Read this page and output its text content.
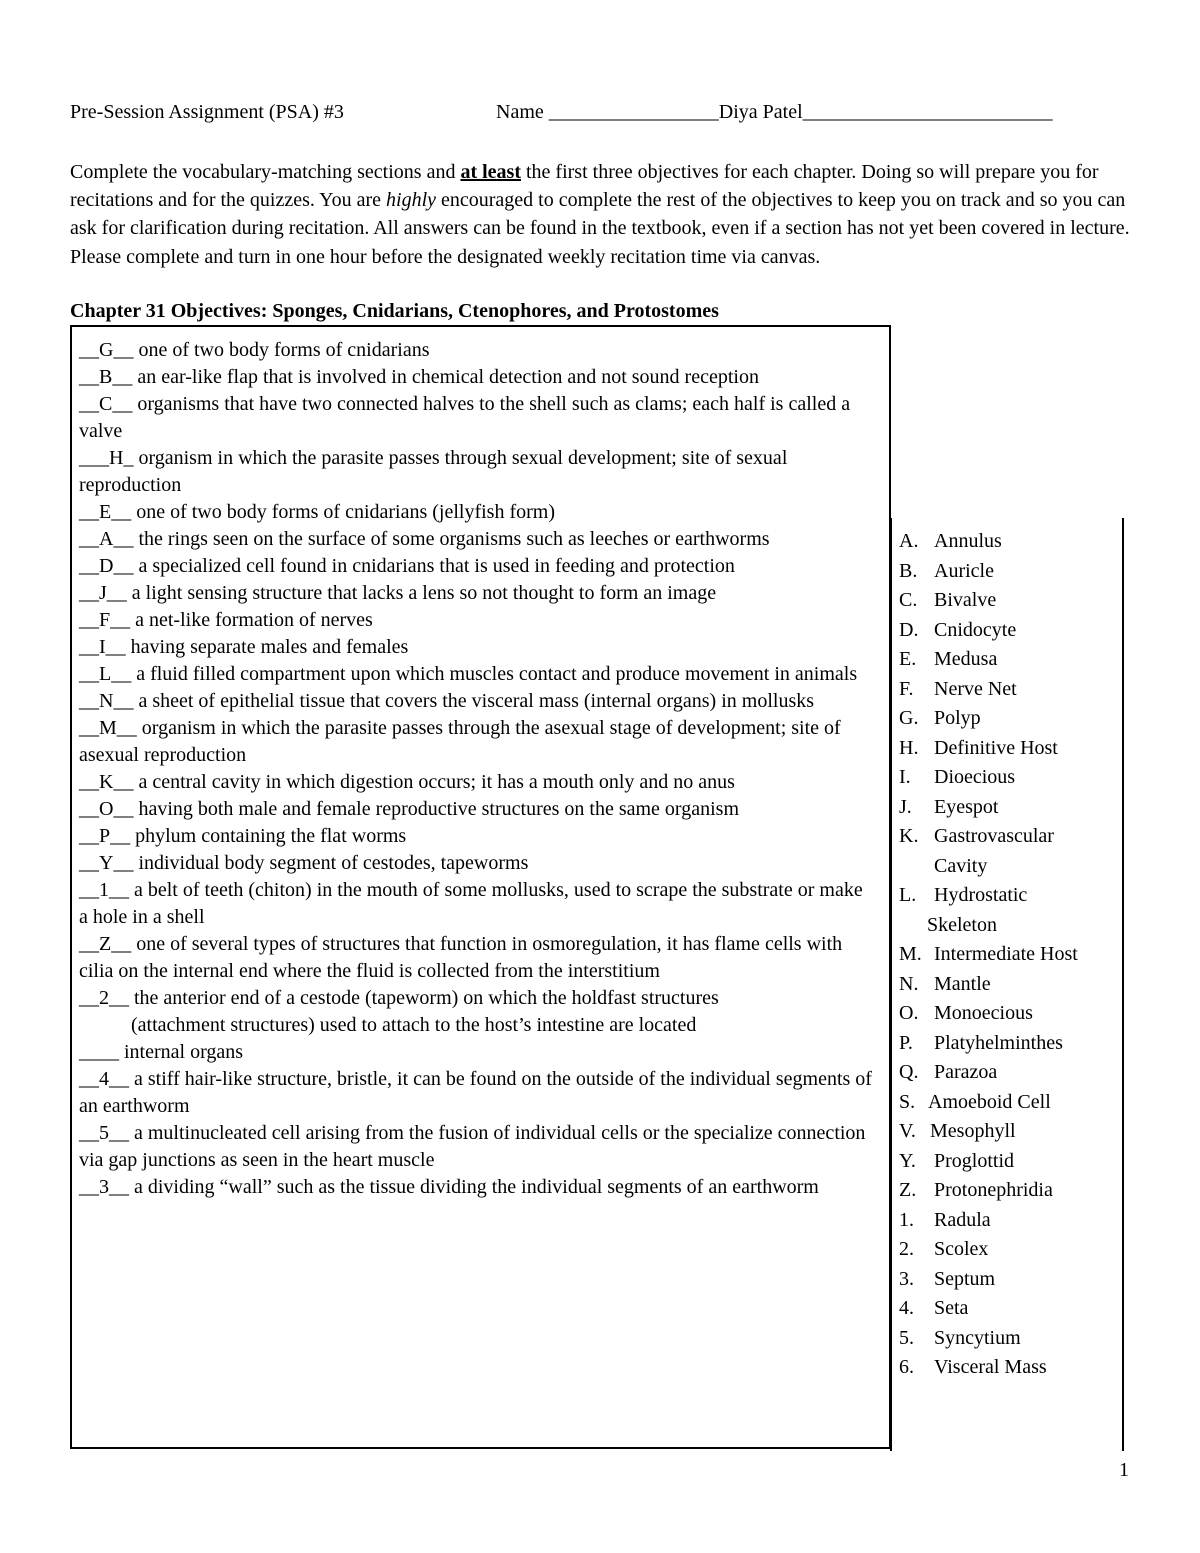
Pre-Session Assignment (PSA) #3	Name _________________Diya Patel_________________________
Complete the vocabulary-matching sections and at least the first three objectives for each chapter. Doing so will prepare you for recitations and for the quizzes. You are highly encouraged to complete the rest of the objectives to keep you on track and so you can ask for clarification during recitation. All answers can be found in the textbook, even if a section has not yet been covered in lecture. Please complete and turn in one hour before the designated weekly recitation time via canvas.
Chapter 31 Objectives: Sponges, Cnidarians, Ctenophores, and Protostomes

__G__ one of two body forms of cnidarians

__B__ an ear-like flap that is involved in chemical detection and not sound reception

__C__ organisms that have two connected halves to the shell such as clams; each half is called a valve

___H_ organism in which the parasite passes through sexual development; site of sexual reproduction

__E__ one of two body forms of cnidarians (jellyfish form)

__A__ the rings seen on the surface of some organisms such as leeches or earthworms

__D__ a specialized cell found in cnidarians that is used in feeding and protection

__J__ a light sensing structure that lacks a lens so not thought to form an image

__F__ a net-like formation of nerves

__I__ having separate males and females

__L__ a fluid filled compartment upon which muscles contact and produce movement in animals

__N__ a sheet of epithelial tissue that covers the visceral mass (internal organs) in mollusks

__M__ organism in which the parasite passes through the asexual stage of development; site of asexual reproduction

__K__ a central cavity in which digestion occurs; it has a mouth only and no anus

__O__ having both male and female reproductive structures on the same organism

__P__ phylum containing the flat worms

__Y__ individual body segment of cestodes, tapeworms

__1__ a belt of teeth (chiton) in the mouth of some mollusks, used to scrape the substrate or make a hole in a shell

__Z__ one of several types of structures that function in osmoregulation, it has flame cells with cilia on the internal end where the fluid is collected from the interstitium

__2__ the anterior end of a cestode (tapeworm) on which the holdfast structures

(attachment structures) used to attach to the host’s intestine are located

____ internal organs

__4__ a stiff hair-like structure, bristle, it can be found on the outside of the individual segments of an earthworm

__5__ a multinucleated cell arising from the fusion of individual cells or the specialize connection via gap junctions as seen in the heart muscle

__3__ a dividing “wall” such as the tissue dividing the individual segments of an earthworm

A. Annulus
B. Auricle
C. Bivalve
D. Cnidocyte
E. Medusa
F. Nerve Net
G. Polyp
H. Definitive Host
I. Dioecious
J. Eyespot
K. Gastrovascular
Cavity
L. Hydrostatic
Skeleton
M. Intermediate Host
N. Mantle
O. Monoecious
P. Platyhelminthes
Q. Parazoa
S. Amoeboid Cell
V. Mesophyll
Y. Proglottid
Z. Protonephridia
1. Radula
2. Scolex
3. Septum
4. Seta
5. Syncytium
6. Visceral Mass
1
